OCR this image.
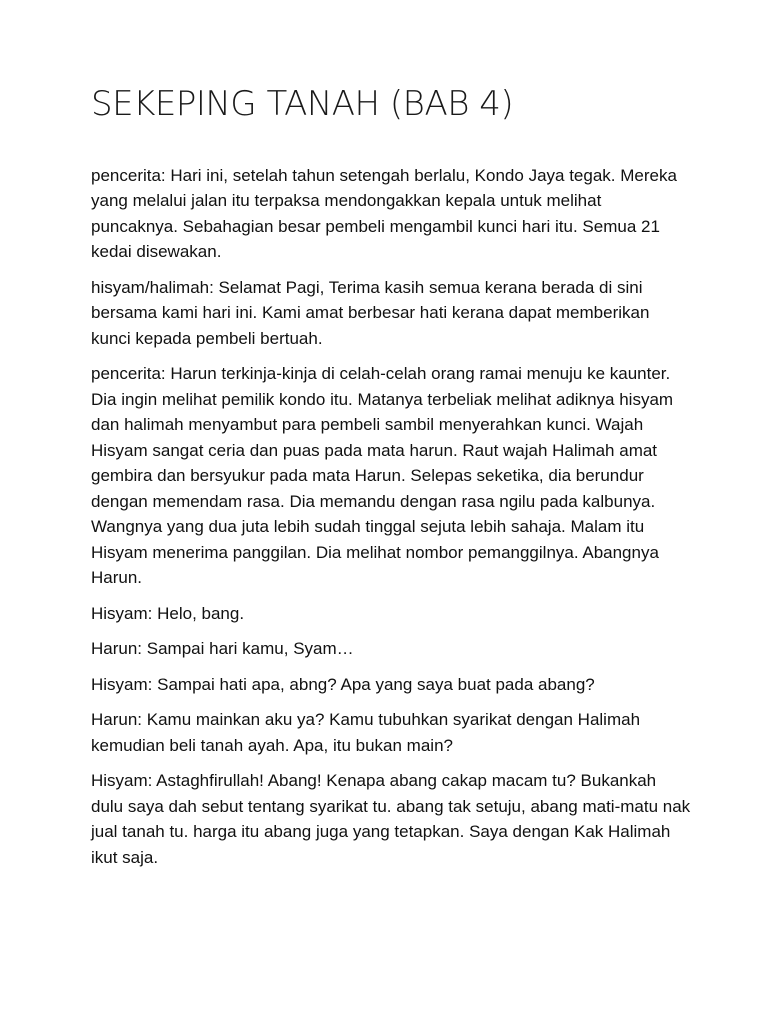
SEKEPING TANAH (BAB 4)

pencerita: Hari ini, setelah tahun setengah berlalu, Kondo Jaya tegak. Mereka yang melalui jalan itu terpaksa mendongakkan kepala untuk melihat puncaknya. Sebahagian besar pembeli mengambil kunci hari itu. Semua 21 kedai disewakan.

hisyam/halimah: Selamat Pagi, Terima kasih semua kerana berada di sini bersama kami hari ini. Kami amat berbesar hati kerana dapat memberikan kunci kepada pembeli bertuah.

pencerita: Harun terkinja-kinja di celah-celah orang ramai menuju ke kaunter. Dia ingin melihat pemilik kondo itu. Matanya terbeliak melihat adiknya hisyam dan halimah menyambut para pembeli sambil menyerahkan kunci. Wajah Hisyam sangat ceria dan puas pada mata harun. Raut wajah Halimah amat gembira dan bersyukur pada mata Harun. Selepas seketika, dia berundur dengan memendam rasa. Dia memandu dengan rasa ngilu pada kalbunya. Wangnya yang dua juta lebih sudah tinggal sejuta lebih sahaja. Malam itu Hisyam menerima panggilan. Dia melihat nombor pemanggilnya. Abangnya Harun.

Hisyam: Helo, bang.

Harun: Sampai hari kamu, Syam…

Hisyam: Sampai hati apa, abng? Apa yang saya buat pada abang?

Harun: Kamu mainkan aku ya? Kamu tubuhkan syarikat dengan Halimah kemudian beli tanah ayah. Apa, itu bukan main?

Hisyam: Astaghfirullah! Abang! Kenapa abang cakap macam tu? Bukankah dulu saya dah sebut tentang syarikat tu. abang tak setuju, abang mati-matu nak jual tanah tu. harga itu abang juga yang tetapkan. Saya dengan Kak Halimah ikut saja.
